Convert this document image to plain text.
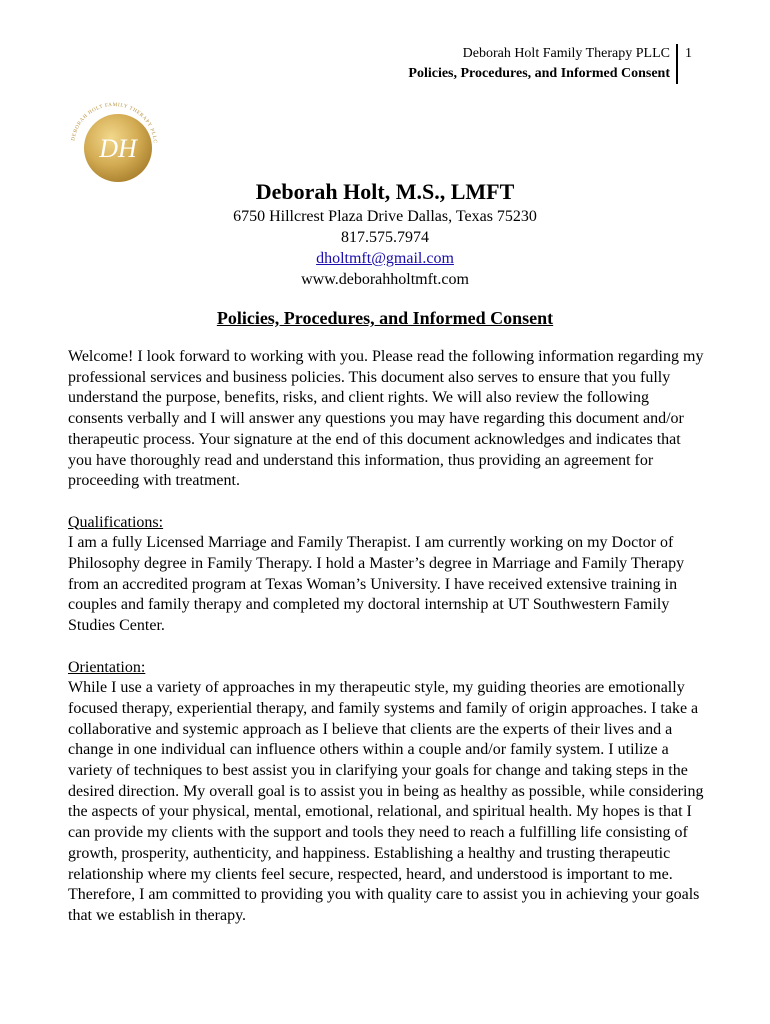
Deborah Holt Family Therapy PLLC
Policies, Procedures, and Informed Consent
1
DEBORAH HOLT FAMILY THERAPY PLLC
DH
Deborah Holt, M.S., LMFT
6750 Hillcrest Plaza Drive Dallas, Texas 75230
817.575.7974
dholtmft@gmail.com
www.deborahholtmft.com
Policies, Procedures, and Informed Consent

Welcome! I look forward to working with you. Please read the following information regarding my professional services and business policies. This document also serves to ensure that you fully understand the purpose, benefits, risks, and client rights. We will also review the following consents verbally and I will answer any questions you may have regarding this document and/or therapeutic process. Your signature at the end of this document acknowledges and indicates that you have thoroughly read and understand this information, thus providing an agreement for proceeding with treatment.

Qualifications:
I am a fully Licensed Marriage and Family Therapist. I am currently working on my Doctor of Philosophy degree in Family Therapy. I hold a Master’s degree in Marriage and Family Therapy from an accredited program at Texas Woman’s University. I have received extensive training in couples and family therapy and completed my doctoral internship at UT Southwestern Family Studies Center.

Orientation:
While I use a variety of approaches in my therapeutic style, my guiding theories are emotionally focused therapy, experiential therapy, and family systems and family of origin approaches. I take a collaborative and systemic approach as I believe that clients are the experts of their lives and a change in one individual can influence others within a couple and/or family system. I utilize a variety of techniques to best assist you in clarifying your goals for change and taking steps in the desired direction. My overall goal is to assist you in being as healthy as possible, while considering the aspects of your physical, mental, emotional, relational, and spiritual health. My hopes is that I can provide my clients with the support and tools they need to reach a fulfilling life consisting of growth, prosperity, authenticity, and happiness. Establishing a healthy and trusting therapeutic relationship where my clients feel secure, respected, heard, and understood is important to me. Therefore, I am committed to providing you with quality care to assist you in achieving your goals that we establish in therapy.
